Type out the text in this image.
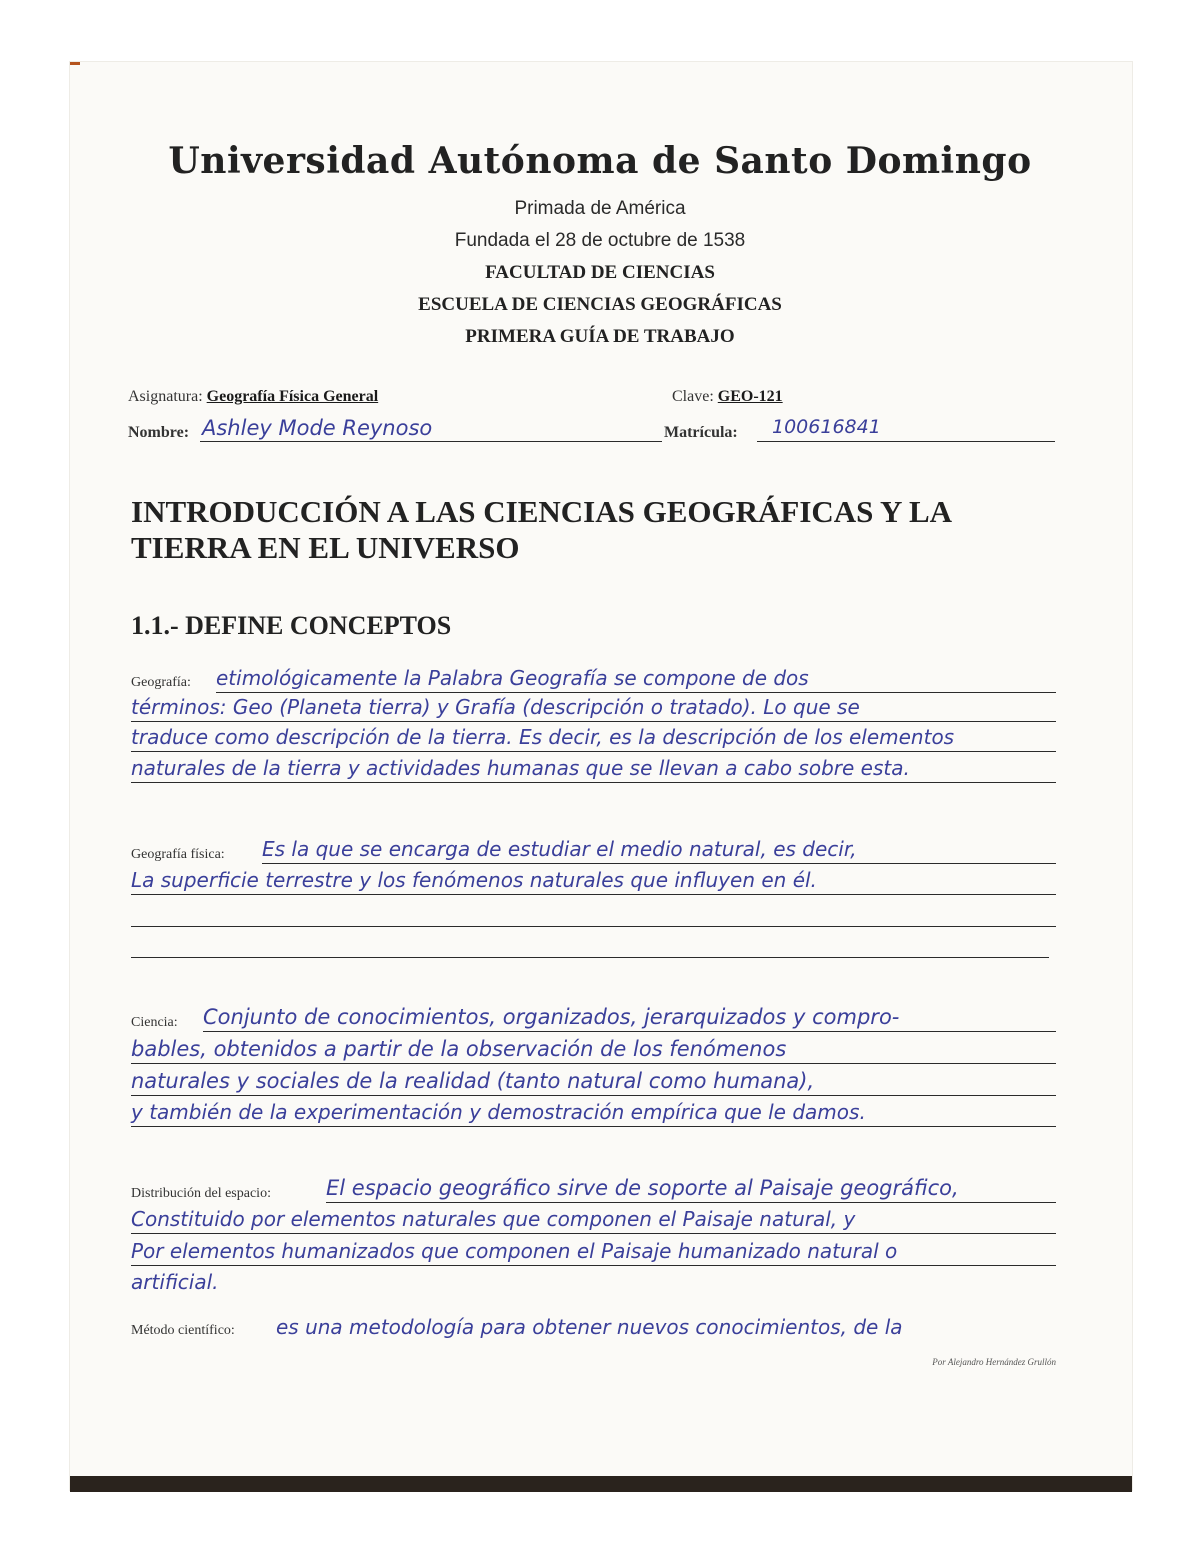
Universidad Autónoma de Santo Domingo
Primada de América
Fundada el 28 de octubre de 1538
FACULTAD DE CIENCIAS
ESCUELA DE CIENCIAS GEOGRÁFICAS
PRIMERA GUÍA DE TRABAJO
Asignatura: Geografía Física General	Clave: GEO-121
Nombre: Ashley Mode Reynoso	Matrícula: 100616841
INTRODUCCIÓN A LAS CIENCIAS GEOGRÁFICAS Y LA TIERRA EN EL UNIVERSO
1.1.- DEFINE CONCEPTOS
Geografía: etimológicamente la Palabra Geografía se compone de dos
términos: Geo (Planeta tierra) y Grafía (descripción o tratado). Lo que se
traduce como descripción de la tierra. Es decir, es la descripción de los elementos
naturales de la tierra y actividades humanas que se llevan a cabo sobre esta.
Geografía física: Es la que se encarga de estudiar el medio natural, es decir,
La superficie terrestre y los fenómenos naturales que influyen en él.
Ciencia: Conjunto de conocimientos, organizados, jerarquizados y compro-
bables, obtenidos a partir de la observación de los fenómenos
naturales y sociales de la realidad (tanto natural como humana),
y también de la experimentación y demostración empírica que le damos.
Distribución del espacio:	El espacio geográfico sirve de soporte al Paisaje geográfico,
Constituido por elementos naturales que componen el Paisaje natural, y
Por elementos humanizados que componen el Paisaje humanizado natural o
artificial.
Método científico: es una metodología para obtener nuevos conocimientos, de la
Por Alejandro Hernández Grullón
